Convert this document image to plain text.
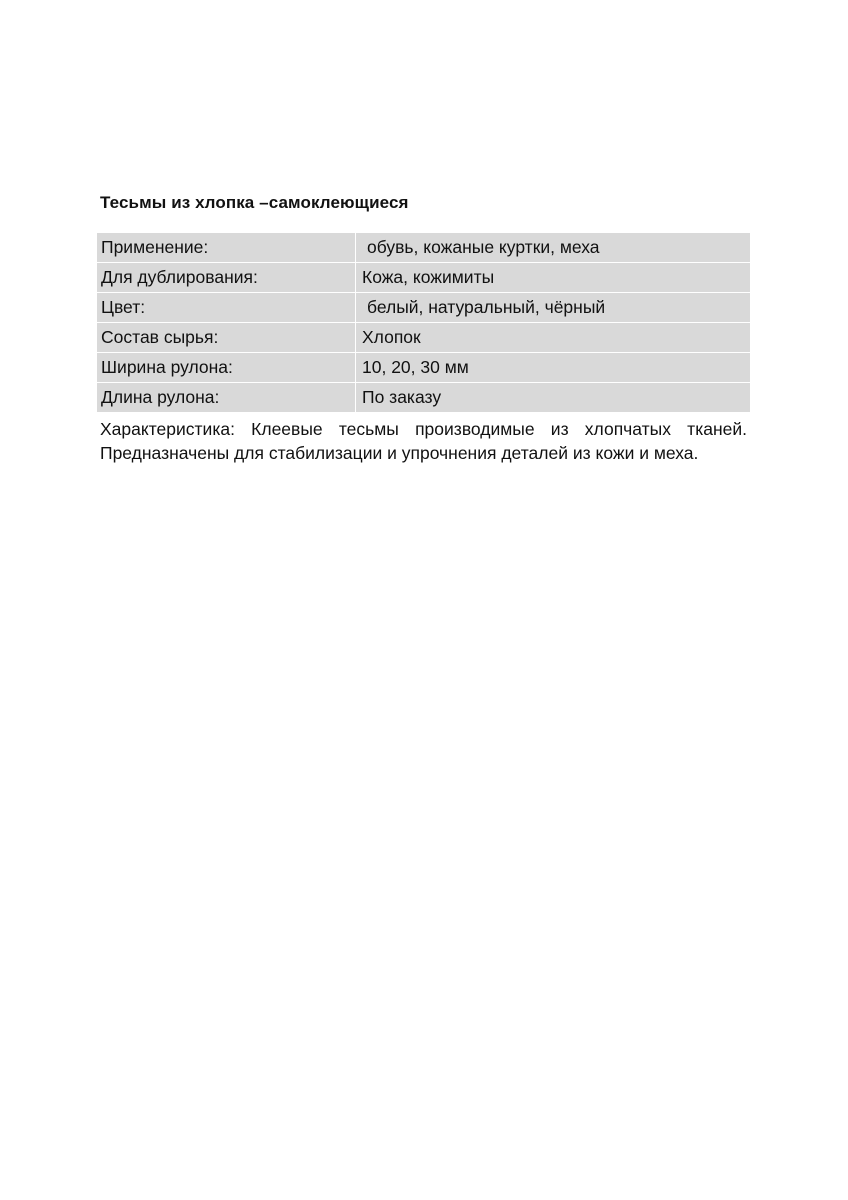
Тесьмы из хлопка –самоклеющиеся
Применение:	обувь, кожаные куртки, меха
Для дублирования:	Кожа, кожимиты
Цвет:	белый, натуральный, чёрный
Состав сырья:	Хлопок
Ширина рулона:	10, 20, 30 мм
Длина рулона:	По заказу

Характеристика: Клеевые тесьмы производимые из хлопчатых тканей. Предназначены для стабилизации и упрочнения деталей из кожи и меха.
